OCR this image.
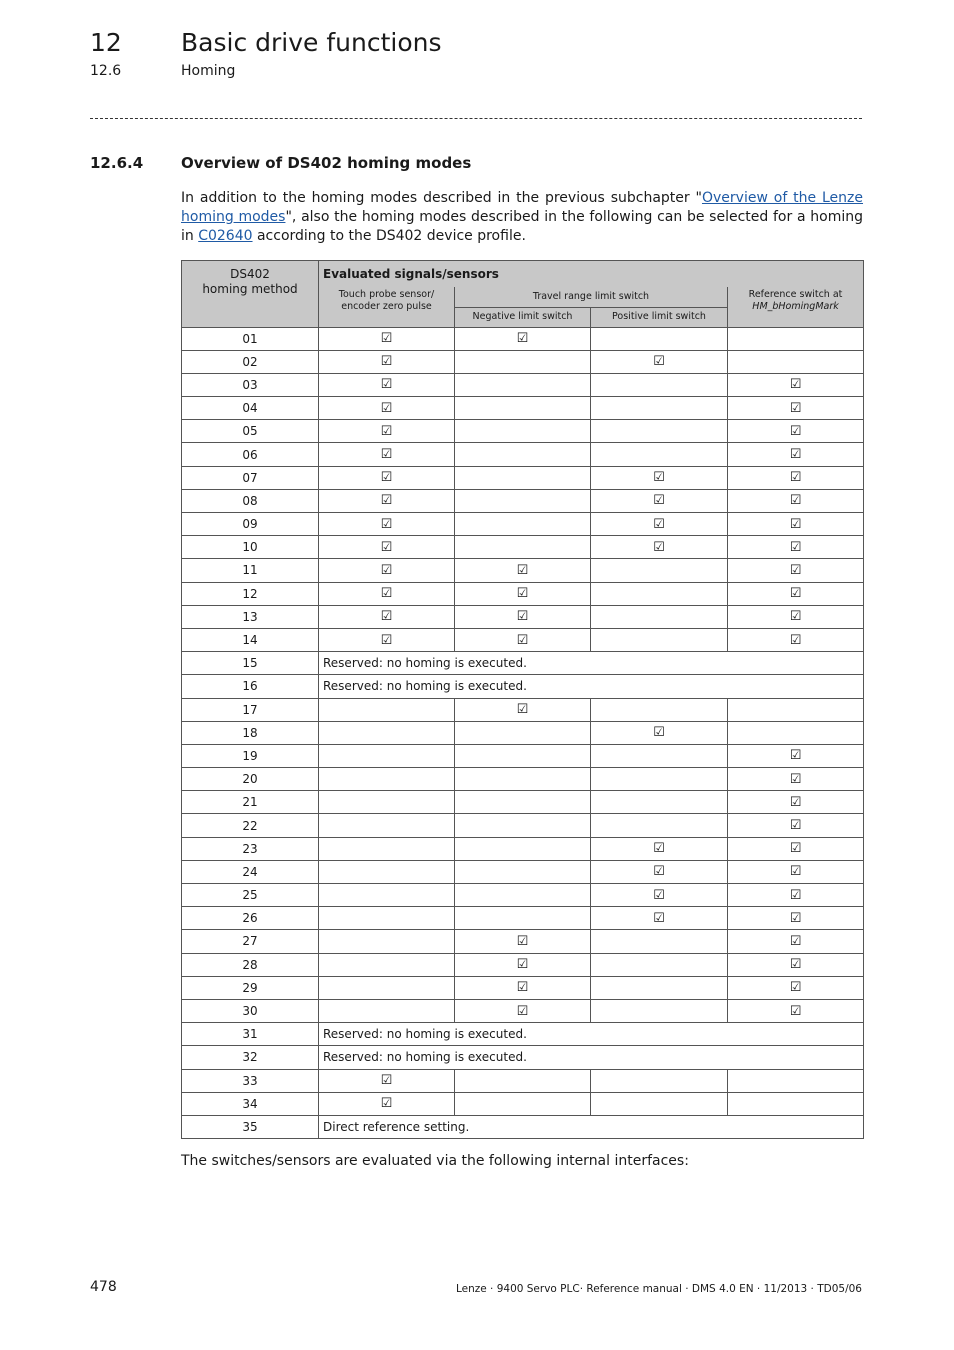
12 Basic drive functions
12.6	Homing
12.6.4	Overview of DS402 homing modes
In addition to the homing modes described in the previous subchapter "Overview of the Lenze homing modes", also the homing modes described in the following can be selected for a homing in C02640 according to the DS402 device profile.
DS402
homing method	Evaluated signals/sensors			
	Touch probe sensor/
encoder zero pulse	Travel range limit switch		Reference switch at
HM_bHomingMark
		Negative limit switch	Positive limit switch	
01	☑	☑		
02	☑		☑	
03	☑			☑
04	☑			☑
05	☑			☑
06	☑			☑
07	☑		☑	☑
08	☑		☑	☑
09	☑		☑	☑
10	☑		☑	☑
11	☑	☑		☑
12	☑	☑		☑
13	☑	☑		☑
14	☑	☑		☑
15	Reserved: no homing is executed.			
16	Reserved: no homing is executed.			
17		☑		
18			☑	
19				☑
20				☑
21				☑
22				☑
23			☑	☑
24			☑	☑
25			☑	☑
26			☑	☑
27		☑		☑
28		☑		☑
29		☑		☑
30		☑		☑
31	Reserved: no homing is executed.			
32	Reserved: no homing is executed.			
33	☑			
34	☑			
35	Direct reference setting.			
The switches/sensors are evaluated via the following internal interfaces:
478	Lenze · 9400 Servo PLC· Reference manual · DMS 4.0 EN · 11/2013 · TD05/06
